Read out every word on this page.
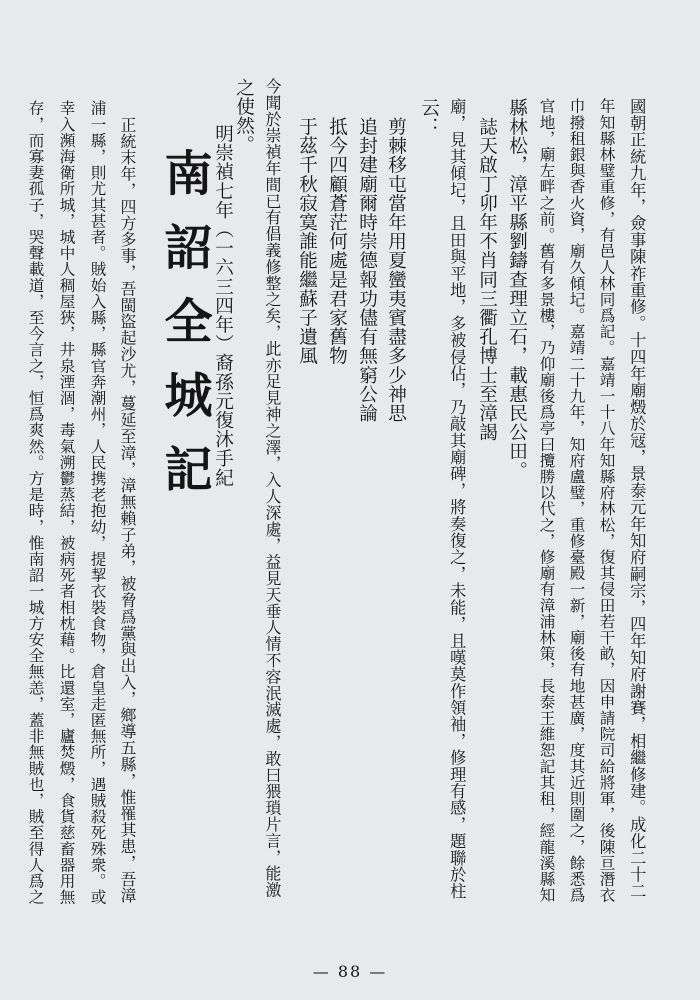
國朝正統九年，僉事陳祚重修。十四年廟燬於冦，景泰元年知府嗣宗，四年知府謝賽，相繼修建。成化二十二
年知縣林璧重修，有邑人林同爲記。嘉靖一十八年知縣府林松，復其侵田若干畝，因申請院司給將軍，後陳亘潛衣
巾撥租銀與香火資，廟久傾圮。嘉靖二十九年，知府盧璧，重修臺殿一新，廟後有地甚廣，度其近則圍之，餘悉爲
官地，廟左畔之前。舊有多景樓，乃仰廟後爲亭曰攬勝以代之，修廟有漳浦林策，長泰王維恕記其租，經龍溪縣知
縣林松，漳平縣劉鑄查理立石，載惠民公田。
　誌天啟丁卯年不肖同三衢孔博士至漳謁
廟，見其傾圮，且田與平地，多被侵佔，乃敲其廟碑，將奏復之，未能，且嘆莫作領袖，修理有感，題聯於柱
云：
　剪棘移屯當年用夏蠻夷賓盡多少神思
　追封建廟爾時崇德報功儘有無窮公論
　抵今四顧蒼茫何處是君家舊物
　于茲千秋寂寞誰能繼蘇子遺風
今聞於崇禎年間已有倡義修整之矣，此亦足見神之澤，入人深處，益見天垂人情不容泯滅處，敢曰猥瑣片言，能激
之使然。
　明崇禎七年（一六三四年）裔孫元復沐手紀
南詔全城記
　正統末年，四方多事，吾閩盜起沙尤，蔓延至漳，漳無賴子弟，被脅爲黨與出入，鄉導五縣，惟罹其患，吾漳
浦一縣，則尤其甚者。賊始入縣，縣官奔潮州，人民携老抱幼，提挈衣裝食物，倉皇走匿無所，遇賊殺死殊衆。或
幸入瀕海衛所城，城中人稠屋狹，井泉湮涸，毒氣溯鬱蒸結，被病死者相枕藉。比還室，廬焚燬，食貨慈畜器用無
存，而寡妻孤子，哭聲載道，至今言之，恒爲爽然。方是時，惟南詔一城方安全無恙，蓋非無賊也，賊至得人爲之
— 88 —
